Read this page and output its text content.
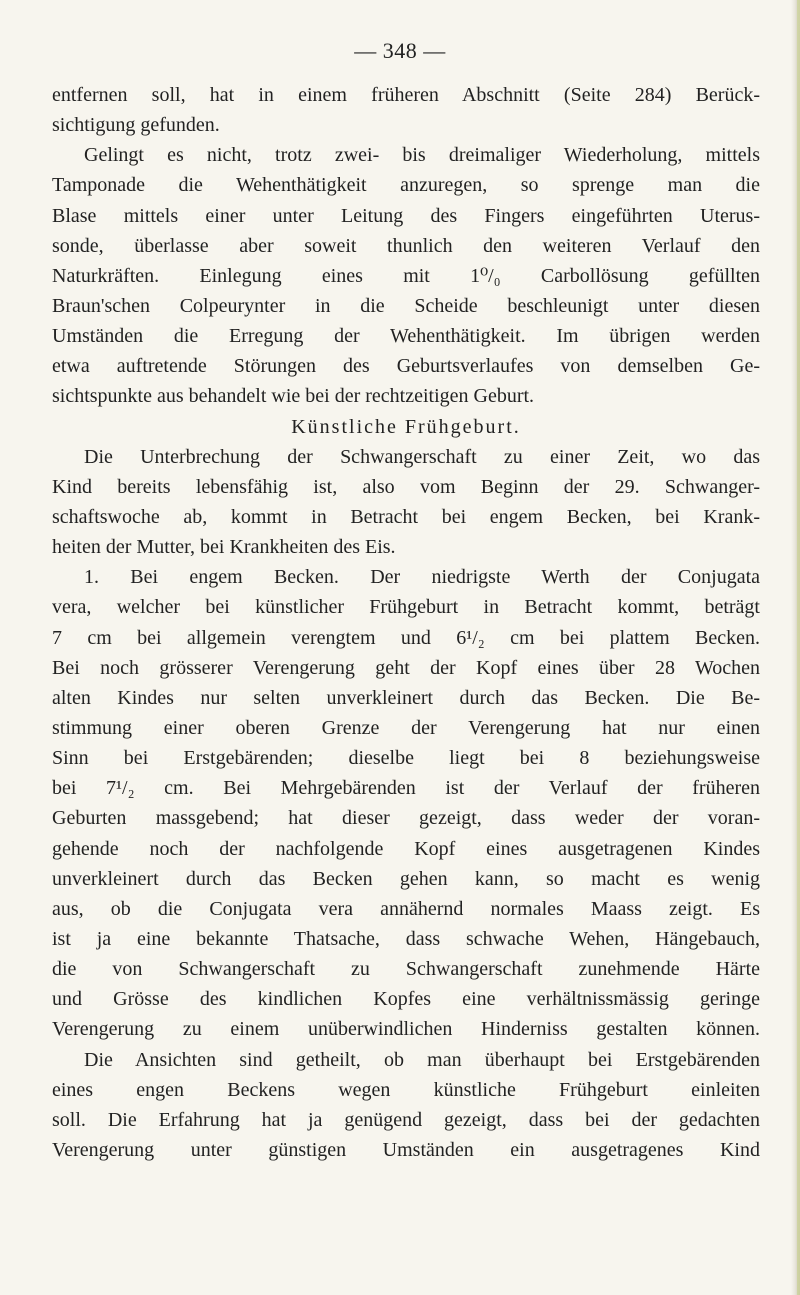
— 348 —
entfernen soll, hat in einem früheren Abschnitt (Seite 284) Berück-
sichtigung gefunden.
Gelingt es nicht, trotz zwei- bis dreimaliger Wiederholung, mittels
Tamponade die Wehenthätigkeit anzuregen, so sprenge man die
Blase mittels einer unter Leitung des Fingers eingeführten Uterus-
sonde, überlasse aber soweit thunlich den weiteren Verlauf den
Naturkräften. Einlegung eines mit 1⁰/₀ Carbollösung gefüllten
Braun'schen Colpeurynter in die Scheide beschleunigt unter diesen
Umständen die Erregung der Wehenthätigkeit. Im übrigen werden
etwa auftretende Störungen des Geburtsverlaufes von demselben Ge-
sichtspunkte aus behandelt wie bei der rechtzeitigen Geburt.
Künstliche Frühgeburt.
Die Unterbrechung der Schwangerschaft zu einer Zeit, wo das
Kind bereits lebensfähig ist, also vom Beginn der 29. Schwanger-
schaftswoche ab, kommt in Betracht bei engem Becken, bei Krank-
heiten der Mutter, bei Krankheiten des Eis.
1. Bei engem Becken. Der niedrigste Werth der Conjugata
vera, welcher bei künstlicher Frühgeburt in Betracht kommt, beträgt
7 cm bei allgemein verengtem und 6¹/₂ cm bei plattem Becken.
Bei noch grösserer Verengerung geht der Kopf eines über 28 Wochen
alten Kindes nur selten unverkleinert durch das Becken. Die Be-
stimmung einer oberen Grenze der Verengerung hat nur einen
Sinn bei Erstgebärenden; dieselbe liegt bei 8 beziehungsweise
bei 7¹/₂ cm. Bei Mehrgebärenden ist der Verlauf der früheren
Geburten massgebend; hat dieser gezeigt, dass weder der voran-
gehende noch der nachfolgende Kopf eines ausgetragenen Kindes
unverkleinert durch das Becken gehen kann, so macht es wenig
aus, ob die Conjugata vera annähernd normales Maass zeigt. Es
ist ja eine bekannte Thatsache, dass schwache Wehen, Hängebauch,
die von Schwangerschaft zu Schwangerschaft zunehmende Härte
und Grösse des kindlichen Kopfes eine verhältnissmässig geringe
Verengerung zu einem unüberwindlichen Hinderniss gestalten können.
Die Ansichten sind getheilt, ob man überhaupt bei Erstgebärenden
eines engen Beckens wegen künstliche Frühgeburt einleiten
soll. Die Erfahrung hat ja genügend gezeigt, dass bei der gedachten
Verengerung unter günstigen Umständen ein ausgetragenes Kind
